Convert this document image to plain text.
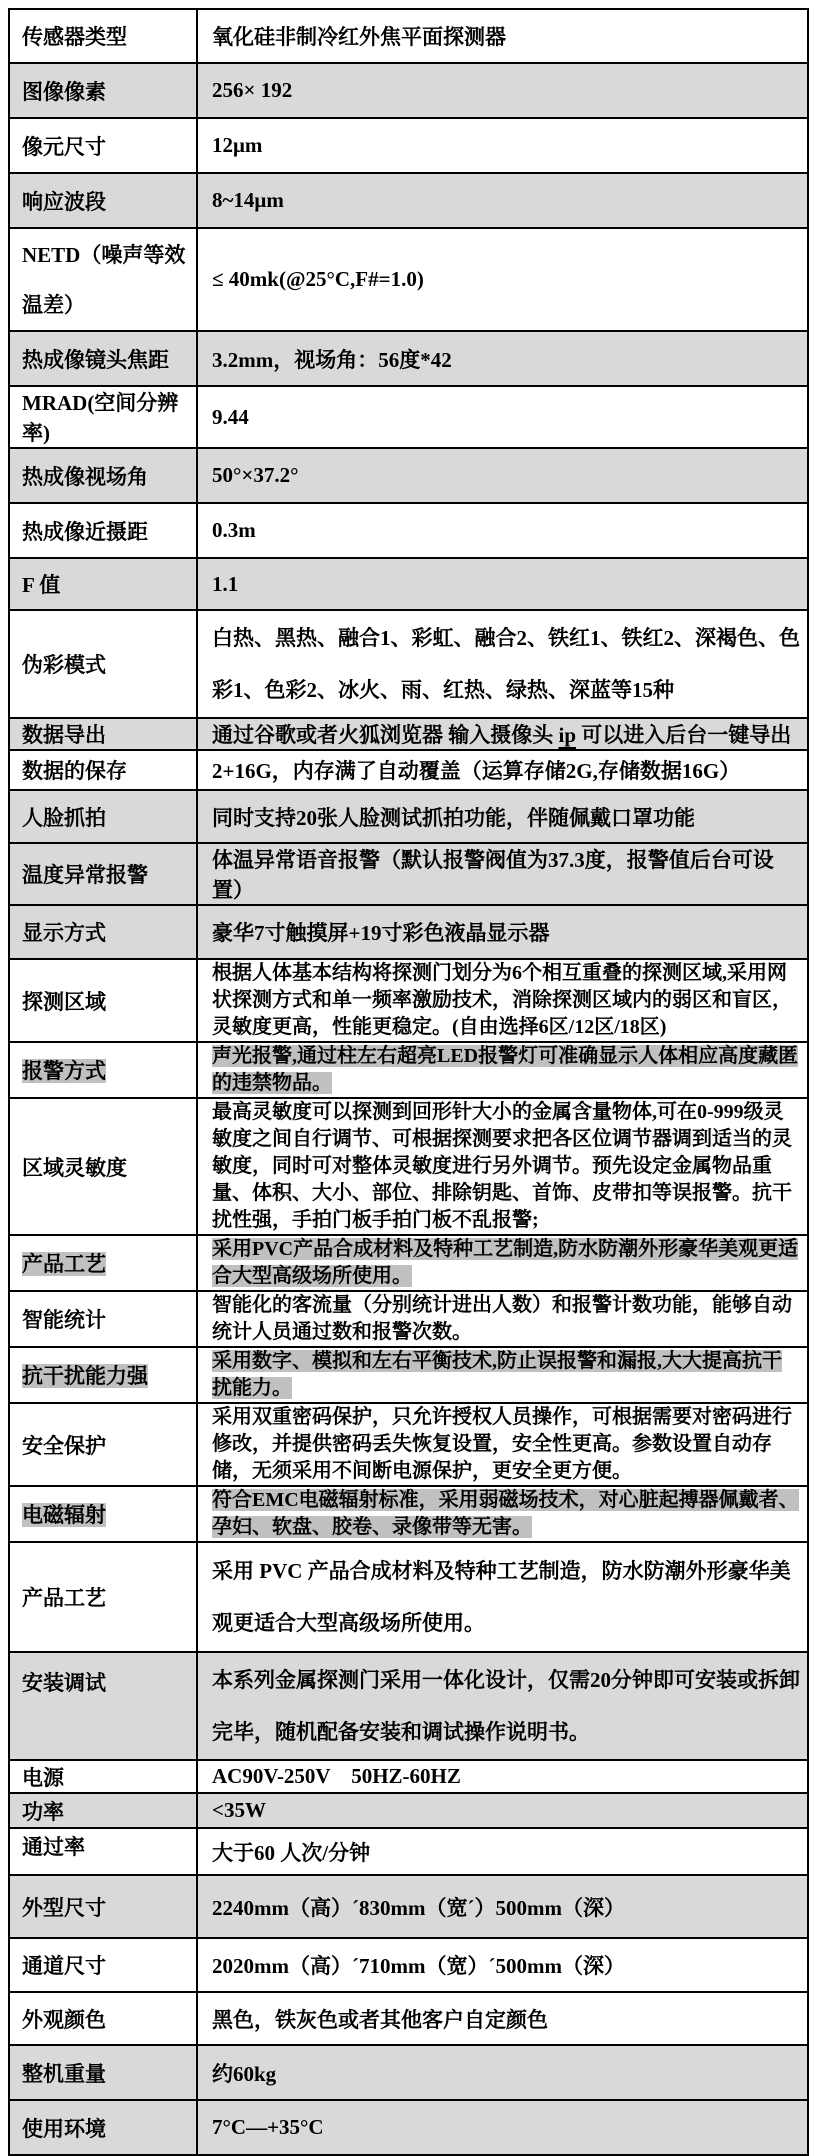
传感器类型	氧化硅非制冷红外焦平面探测器
图像像素	256× 192
像元尺寸	12μm
响应波段	8~14μm
NETD（噪声等效温差）	≤ 40mk(@25°C,F#=1.0)
热成像镜头焦距	3.2mm，视场角：56度*42
MRAD(空间分辨率)	9.44
热成像视场角	50°×37.2°
热成像近摄距	0.3m
F 值	1.1
伪彩模式	白热、黑热、融合1、彩虹、融合2、铁红1、铁红2、深褐色、色彩1、色彩2、冰火、雨、红热、绿热、深蓝等15种
数据导出	通过谷歌或者火狐浏览器 输入摄像头 ip 可以进入后台一键导出
数据的保存	2+16G，内存满了自动覆盖（运算存储2G,存储数据16G）
人脸抓拍	同时支持20张人脸测试抓拍功能，伴随佩戴口罩功能
温度异常报警	体温异常语音报警（默认报警阀值为37.3度，报警值后台可设置）
显示方式	豪华7寸触摸屏+19寸彩色液晶显示器
探测区域	根据人体基本结构将探测门划分为6个相互重叠的探测区域,采用网状探测方式和单一频率激励技术，消除探测区域内的弱区和盲区，灵敏度更高，性能更稳定。(自由选择6区/12区/18区)
报警方式	声光报警,通过柱左右超亮LED报警灯可准确显示人体相应高度藏匿的违禁物品。
区域灵敏度	最高灵敏度可以探测到回形针大小的金属含量物体,可在0-999级灵敏度之间自行调节、可根据探测要求把各区位调节器调到适当的灵敏度，同时可对整体灵敏度进行另外调节。预先设定金属物品重量、体积、大小、部位、排除钥匙、首饰、皮带扣等误报警。抗干扰性强，手拍门板手拍门板不乱报警;
产品工艺	采用PVC产品合成材料及特种工艺制造,防水防潮外形豪华美观更适合大型高级场所使用。
智能统计	智能化的客流量（分别统计进出人数）和报警计数功能，能够自动统计人员通过数和报警次数。
抗干扰能力强	采用数字、模拟和左右平衡技术,防止误报警和漏报,大大提高抗干扰能力。
安全保护	采用双重密码保护，只允许授权人员操作，可根据需要对密码进行修改，并提供密码丢失恢复设置，安全性更高。参数设置自动存储，无须采用不间断电源保护，更安全更方便。
电磁辐射	符合EMC电磁辐射标准，采用弱磁场技术，对心脏起搏器佩戴者、孕妇、软盘、胶卷、录像带等无害。
产品工艺	采用 PVC 产品合成材料及特种工艺制造，防水防潮外形豪华美观更适合大型高级场所使用。
安装调试	本系列金属探测门采用一体化设计，仅需20分钟即可安装或拆卸完毕，随机配备安装和调试操作说明书。
电源	AC90V-250V    50HZ-60HZ
功率	<35W
通过率	大于60 人次/分钟
外型尺寸	2240mm（高）´830mm（宽´）500mm（深）
通道尺寸	2020mm（高）´710mm（宽）´500mm（深）
外观颜色	黑色，铁灰色或者其他客户自定颜色
整机重量	约60kg
使用环境	7°C—+35°C
